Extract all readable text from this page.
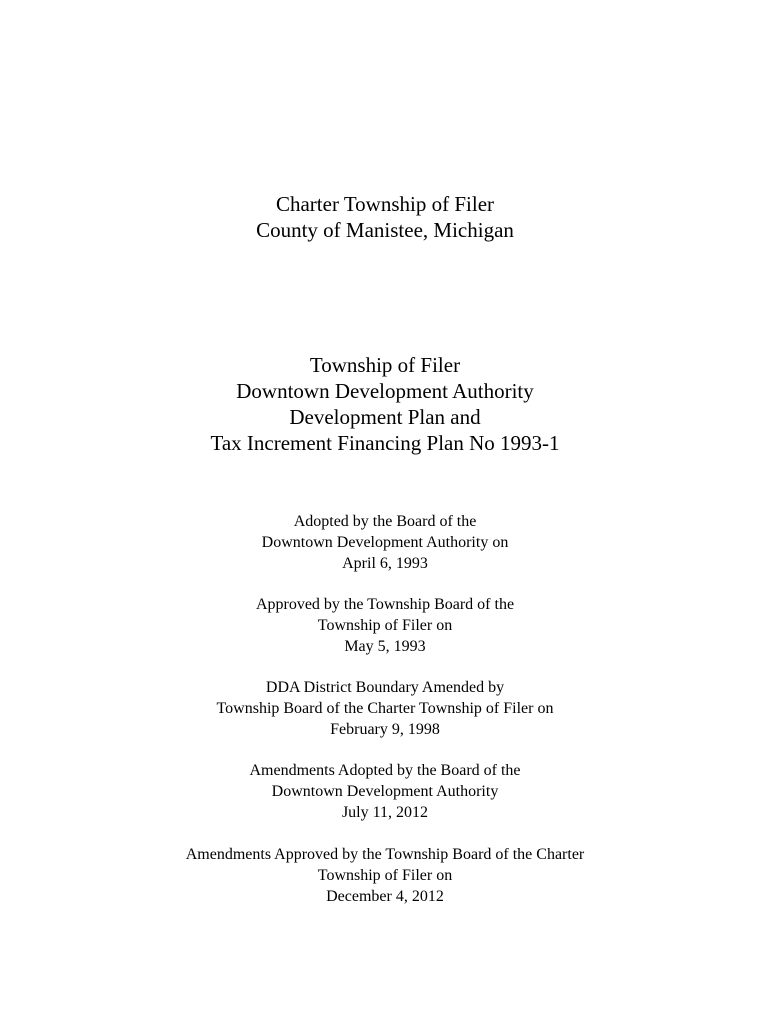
Charter Township of Filer
County of Manistee, Michigan
Township of Filer
Downtown Development Authority
Development Plan and
Tax Increment Financing Plan No 1993-1
Adopted by the Board of the
Downtown Development Authority on
April 6, 1993
Approved by the Township Board of the
Township of Filer on
May 5, 1993
DDA District Boundary Amended by
Township Board of the Charter Township of Filer on
February 9, 1998
Amendments Adopted by the Board of the
Downtown Development Authority
July 11, 2012
Amendments Approved by the Township Board of the Charter
Township of Filer on
December 4, 2012
